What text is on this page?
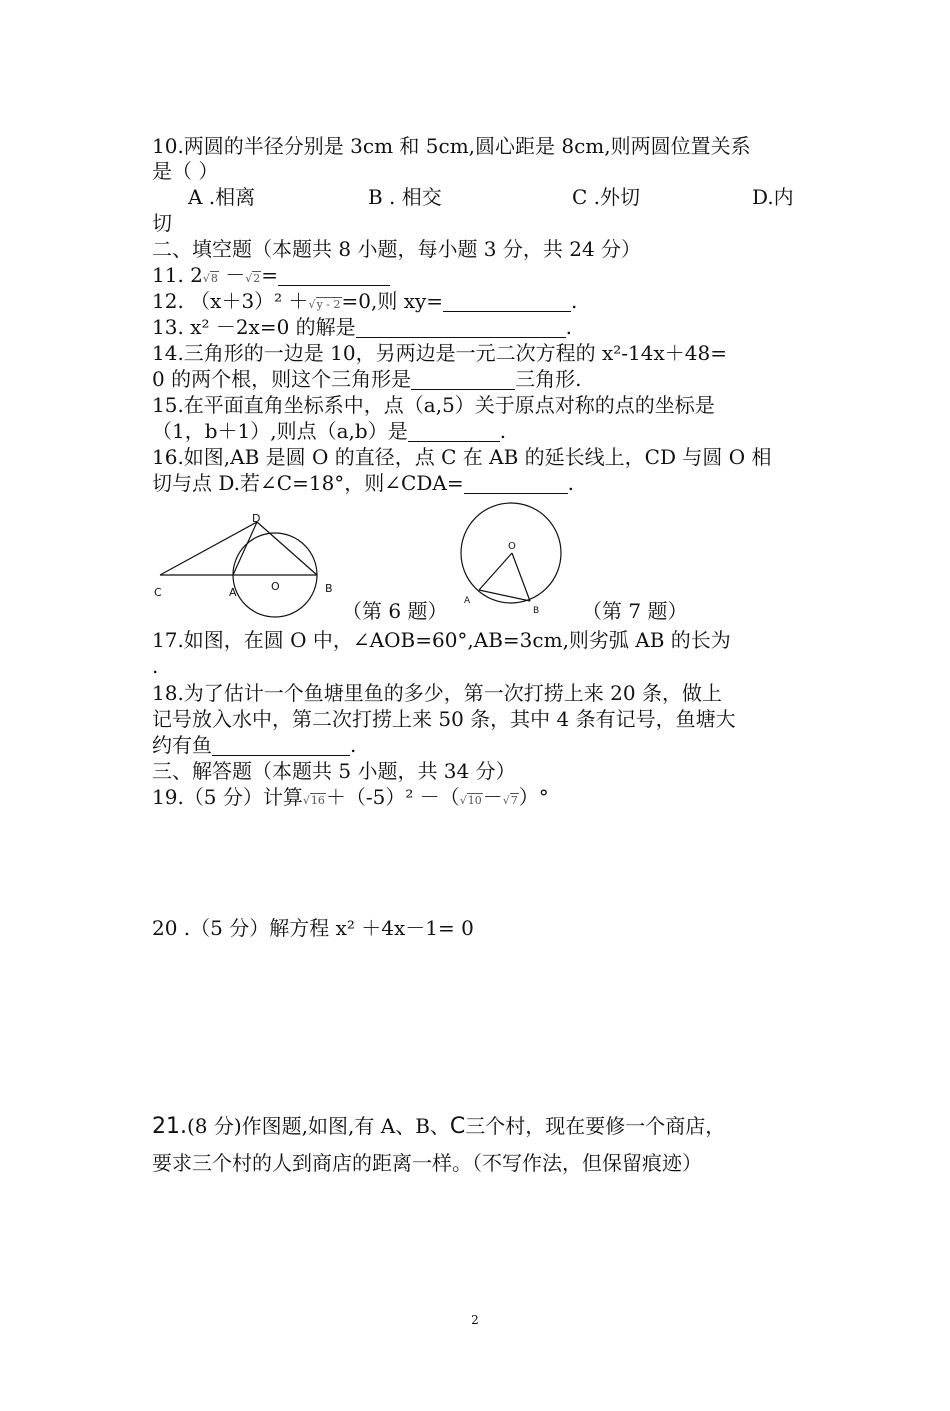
10.两圆的半径分别是 3cm 和 5cm,圆心距是 8cm,则两圆位置关系
是（ ）
A .相离	B . 相交	C .外切	D.内
切
二、填空题（本题共 8 小题，每小题 3 分，共 24 分）
11. 2√8 －√2=
12. （x＋3）² ＋√y - 2=0,则 xy=	.
13. x² －2x=0 的解是	.
14.三角形的一边是 10，另两边是一元二次方程的 x²-14x＋48=
0 的两个根，则这个三角形是	三角形.
15.在平面直角坐标系中，点（a,5）关于原点对称的点的坐标是
（1，b＋1）,则点（a,b）是	.
16.如图,AB 是圆 O 的直径，点 C 在 AB 的延长线上，CD 与圆 O 相
切与点 D.若∠C=18°，则∠CDA=	.
C	A	O	B
D
（第 6 题）
O
A
B （第 7 题）
17.如图，在圆 O 中，∠AOB=60°,AB=3cm,则劣弧 AB 的长为
.
18.为了估计一个鱼塘里鱼的多少，第一次打捞上来 20 条，做上
记号放入水中，第二次打捞上来 50 条，其中 4 条有记号，鱼塘大
约有鱼	.
三、解答题（本题共 5 小题，共 34 分）
19.（5 分）计算√16＋（-5）² －（√10－√7）°
20 .（5 分）解方程 x² ＋4x－1= 0
21.(8 分)作图题,如图,有 A、B、C三个村，现在要修一个商店，
要求三个村的人到商店的距离一样。（不写作法，但保留痕迹）
2
